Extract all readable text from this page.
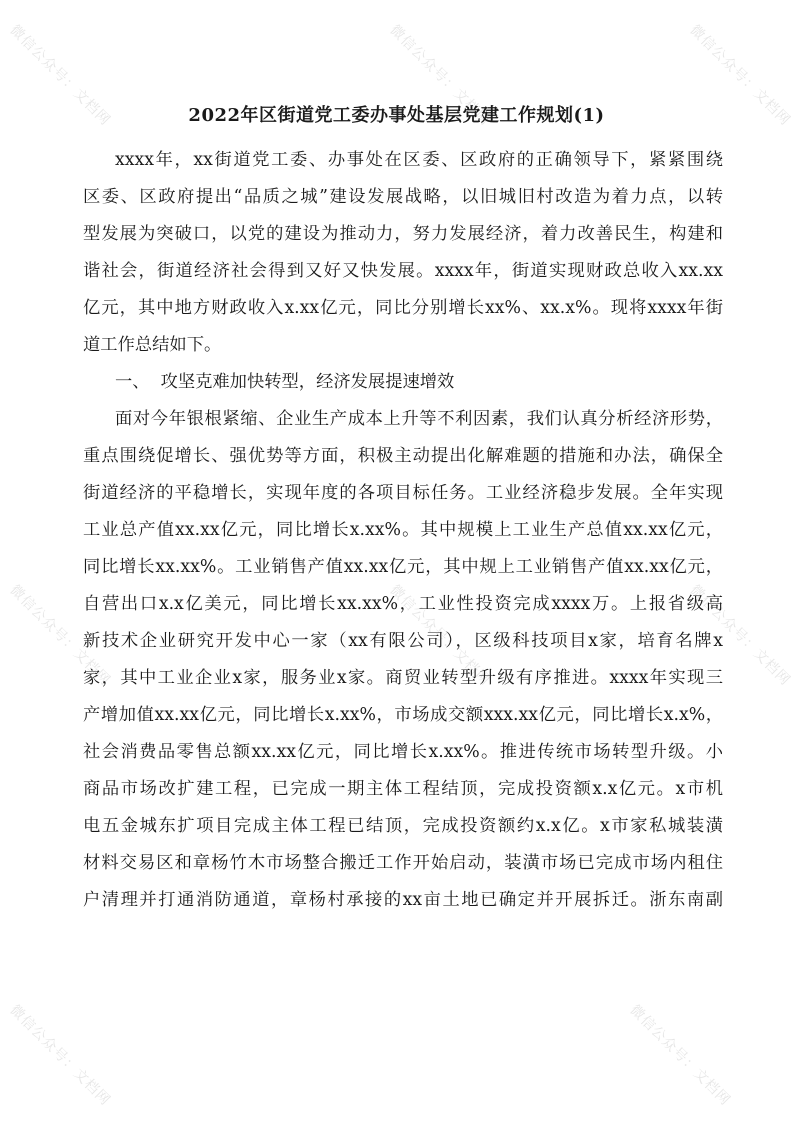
微信公众号：文档网	微信公众号：文档网	微信公众号：文档网
微信公众号：文档网	微信公众号：文档网	微信公众号：文档网
微信公众号：文档网	微信公众号：文档网
2022年区街道党工委办事处基层党建工作规划(1)
xxxx年，xx街道党工委、办事处在区委、区政府的正确领导下，紧紧围绕
区委、区政府提出“品质之城”建设发展战略，以旧城旧村改造为着力点，以转
型发展为突破口，以党的建设为推动力，努力发展经济，着力改善民生，构建和
谐社会，街道经济社会得到又好又快发展。xxxx年，街道实现财政总收入xx.xx
亿元，其中地方财政收入x.xx亿元，同比分别增长xx%、xx.x%。现将xxxx年街
道工作总结如下。
一、  攻坚克难加快转型，经济发展提速增效
面对今年银根紧缩、企业生产成本上升等不利因素，我们认真分析经济形势，
重点围绕促增长、强优势等方面，积极主动提出化解难题的措施和办法，确保全
街道经济的平稳增长，实现年度的各项目标任务。工业经济稳步发展。全年实现
工业总产值xx.xx亿元，同比增长x.xx%。其中规模上工业生产总值xx.xx亿元，
同比增长xx.xx%。工业销售产值xx.xx亿元，其中规上工业销售产值xx.xx亿元，
自营出口x.x亿美元，同比增长xx.xx%，工业性投资完成xxxx万。上报省级高
新技术企业研究开发中心一家（xx有限公司），区级科技项目x家，培育名牌x
家，其中工业企业x家，服务业x家。商贸业转型升级有序推进。xxxx年实现三
产增加值xx.xx亿元，同比增长x.xx%，市场成交额xxx.xx亿元，同比增长x.x%，
社会消费品零售总额xx.xx亿元，同比增长x.xx%。推进传统市场转型升级。小
商品市场改扩建工程，已完成一期主体工程结顶，完成投资额x.x亿元。x市机
电五金城东扩项目完成主体工程已结顶，完成投资额约x.x亿。x市家私城装潢
材料交易区和章杨竹木市场整合搬迁工作开始启动，装潢市场已完成市场内租住
户清理并打通消防通道，章杨村承接的xx亩土地已确定并开展拆迁。浙东南副
